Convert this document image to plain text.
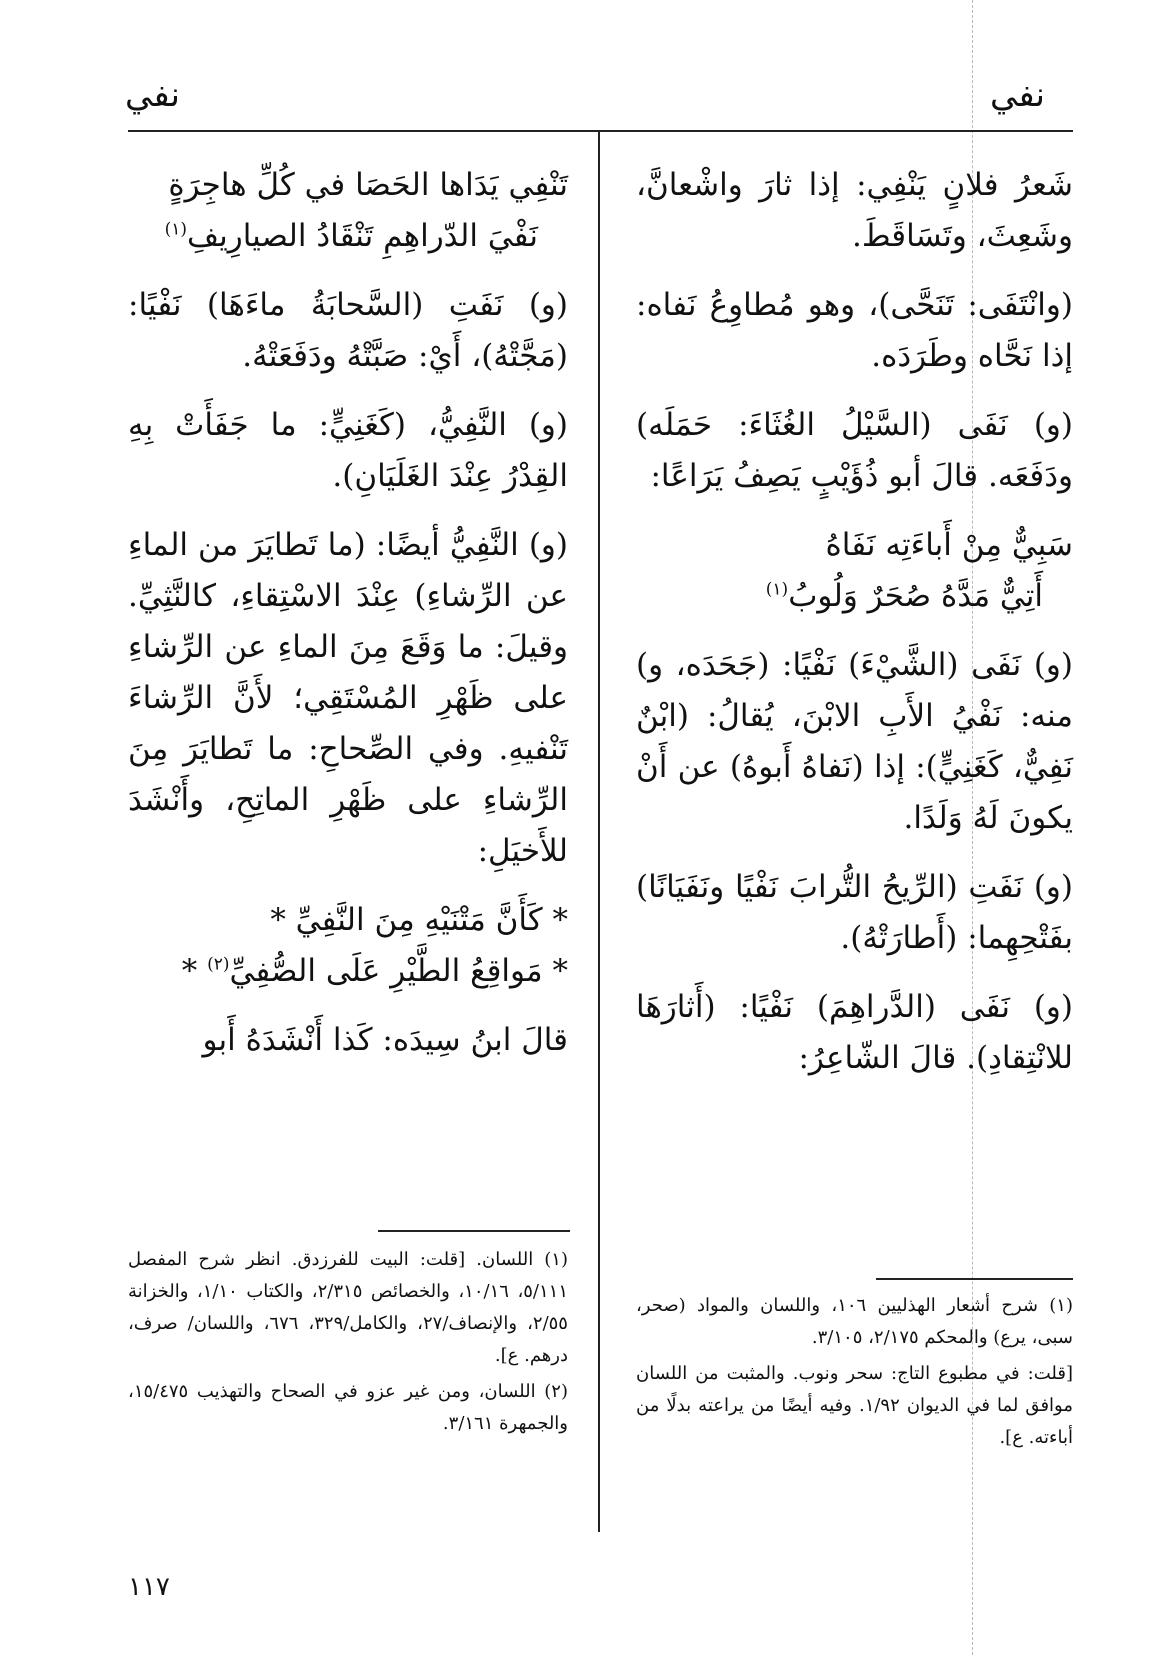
نفي
نفي

شَعرُ فلانٍ يَنْفِي: إذا ثارَ واشْعانَّ، وشَعِثَ، وتَسَاقَطَ.

(وانْتَفَى: تَنَحَّى)، وهو مُطاوِعُ نَفاه: إذا نَحَّاه وطَرَدَه.

(و) نَفَى (السَّيْلُ الغُثَاءَ: حَمَلَه) ودَفَعَه. قالَ أبو ذُؤَيْبٍ يَصِفُ يَرَاعًا:

سَبِيٌّ مِنْ أَباءَتِه نَفَاهُ
أَتِيٌّ مَدَّهُ صُحَرٌ وَلُوبُ$^{(١)}$

(و) نَفَى (الشَّيْءَ) نَفْيًا: (جَحَدَه، و) منه: نَفْيُ الأَبِ الابْنَ، يُقالُ: (ابْنٌ نَفِيٌّ، كَغَنِيٍّ): إذا (نَفاهُ أَبوهُ) عن أَنْ يكونَ لَهُ وَلَدًا.

(و) نَفَتِ (الرِّيحُ التُّرابَ نَفْيًا ونَفَيَانًا) بفَتْحِهِما: (أَطارَتْهُ).

(و) نَفَى (الدَّراهِمَ) نَفْيًا: (أَثارَهَا للانْتِقادِ). قالَ الشّاعِرُ:

تَنْفِي يَدَاها الحَصَا في كُلِّ هاجِرَةٍ
نَفْيَ الدّراهِمِ تَنْقَادُ الصيارِيفِ$^{(١)}$

(و) نَفَتِ (السَّحابَةُ ماءَهَا) نَفْيًا: (مَجَّتْهُ)، أَيْ: صَبَّتْهُ ودَفَعَتْهُ.

(و) النَّفِيُّ، (كَغَنِيٍّ: ما جَفَأَتْ بِهِ القِدْرُ عِنْدَ الغَلَيَانِ).

(و) النَّفِيُّ أيضًا: (ما تَطايَرَ من الماءِ عن الرِّشاءِ) عِنْدَ الاسْتِقاءِ، كالنَّثِيِّ. وقيلَ: ما وَقَعَ مِنَ الماءِ عن الرِّشاءِ على ظَهْرِ المُسْتَقِي؛ لأَنَّ الرِّشاءَ تَنْفيهِ. وفي الصِّحاحِ: ما تَطايَرَ مِنَ الرِّشاءِ على ظَهْرِ الماتِحِ، وأَنْشَدَ للأَخيَلِ:

* كَأَنَّ مَتْنَيْهِ مِنَ النَّفِيِّ *
* مَواقِعُ الطَّيْرِ عَلَى الصُّفِيِّ$^{(٢)}$ *

قالَ ابنُ سِيدَه: كَذا أَنْشَدَهُ أَبو

(١) شرح أشعار الهذليين ١٠٦، واللسان والمواد (صحر، سبى، يرع) والمحكم ٢/١٧٥، ٣/١٠٥.

[قلت: في مطبوع التاج: سحر ونوب. والمثبت من اللسان موافق لما في الديوان ١/٩٢. وفيه أيضًا من يراعته بدلًا من أباءته. ع].

(١) اللسان. [قلت: البيت للفرزدق. انظر شرح المفصل ٥/١١١، ١٠/١٦، والخصائص ٢/٣١٥، والكتاب ١/١٠، والخزانة ٢/٥٥، والإنصاف/٢٧، والكامل/٣٢٩، ٦٧٦، واللسان/ صرف، درهم. ع].

(٢) اللسان، ومن غير عزو في الصحاح والتهذيب ١٥/٤٧٥، والجمهرة ٣/١٦١.

١١٧
